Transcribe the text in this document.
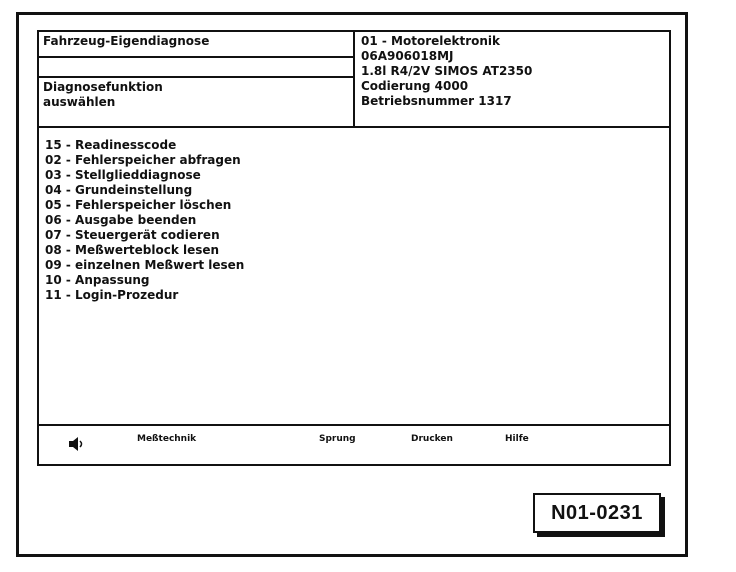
Fahrzeug-Eigendiagnose
Diagnosefunktion
auswählen
01 - Motorelektronik
06A906018MJ
1.8l R4/2V SIMOS AT2350
Codierung 4000
Betriebsnummer 1317
15 - Readinesscode
02 - Fehlerspeicher abfragen
03 - Stellglieddiagnose
04 - Grundeinstellung
05 - Fehlerspeicher löschen
06 - Ausgabe beenden
07 - Steuergerät codieren
08 - Meßwerteblock lesen
09 - einzelnen Meßwert lesen
10 - Anpassung
11 - Login-Prozedur
Meßtechnik	Sprung	Drucken	Hilfe
N01-0231
